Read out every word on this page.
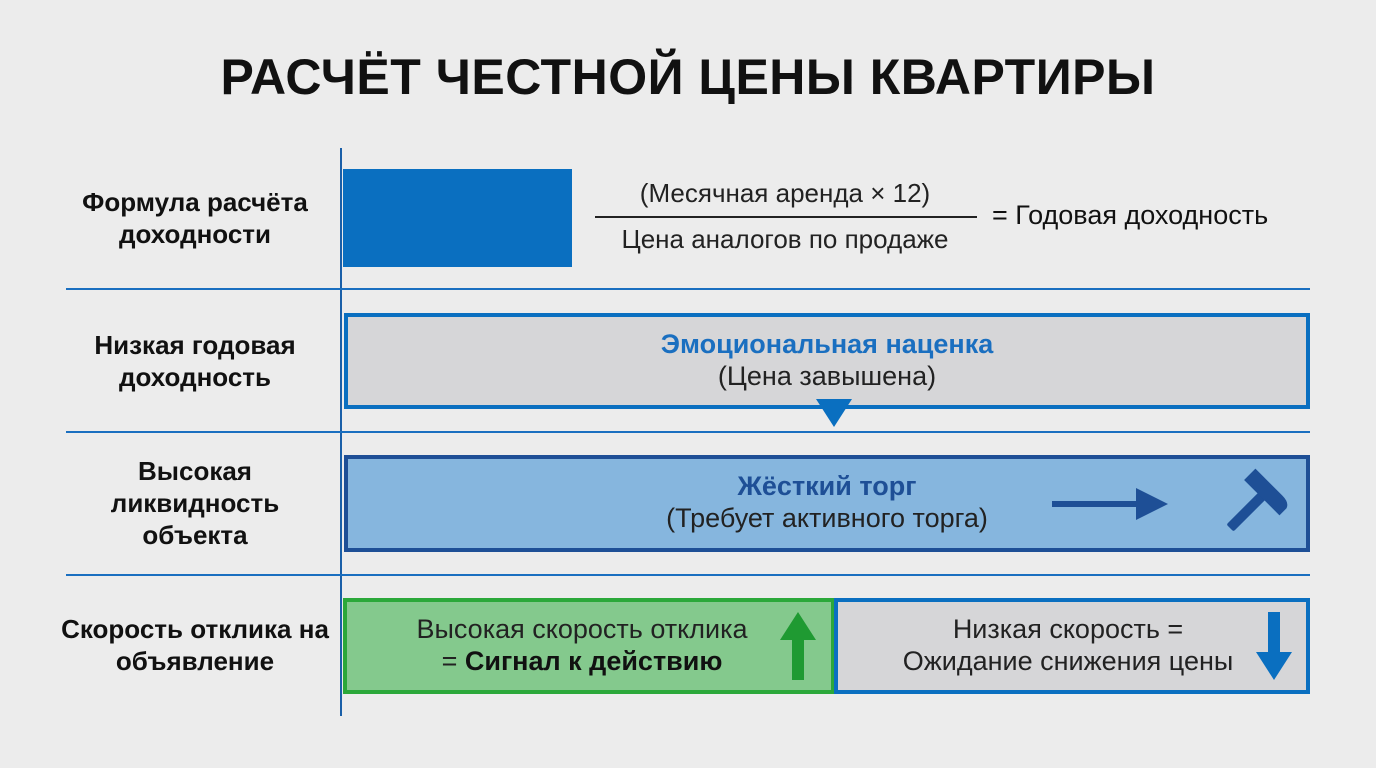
РАСЧЁТ ЧЕСТНОЙ ЦЕНЫ КВАРТИРЫ
Формула расчёта доходности
Низкая годовая доходность
Высокая ликвидность объекта
Скорость отклика на объявление
(Месячная аренда × 12)
Цена аналогов по продаже
= Годовая доходность
Эмоциональная наценка
(Цена завышена)
Жёсткий торг
(Требует активного торга)
Высокая скорость отклика
= Сигнал к действию
Низкая скорость =
Ожидание снижения цены
